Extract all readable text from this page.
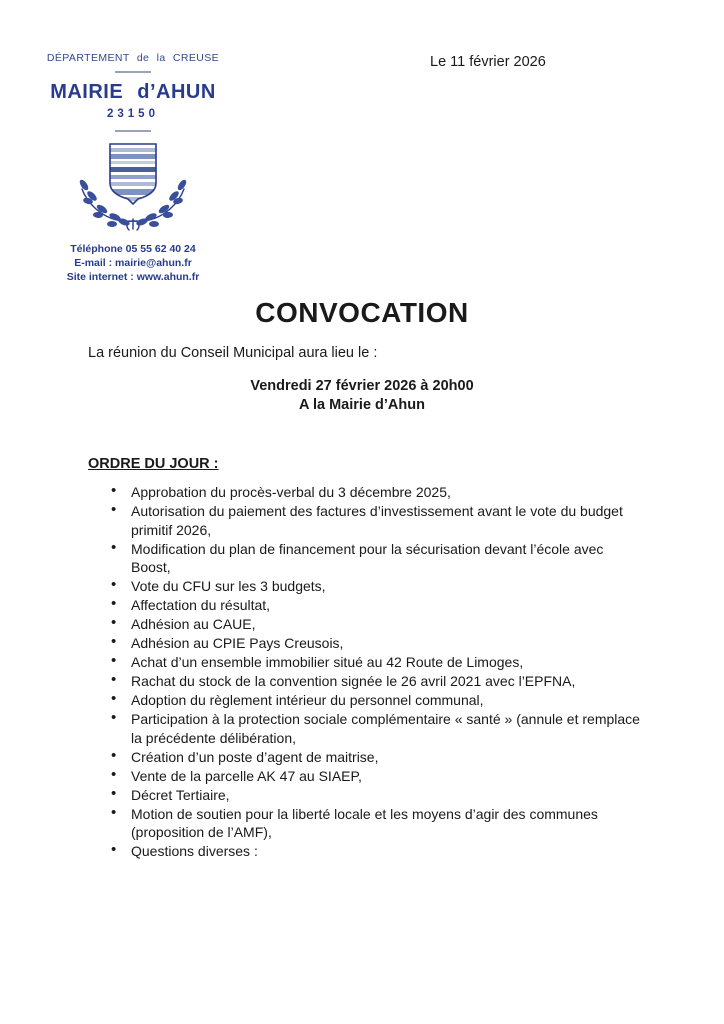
DÉPARTEMENT de la CREUSE
MAIRIE d’AHUN
23150
Téléphone 05 55 62 40 24
E-mail : mairie@ahun.fr
Site internet : www.ahun.fr
Le 11 février 2026
CONVOCATION
La réunion du Conseil Municipal aura lieu le :
Vendredi 27 février 2026 à 20h00
A la Mairie d’Ahun
ORDRE DU JOUR :
• Approbation du procès-verbal du 3 décembre 2025,
• Autorisation du paiement des factures d’investissement avant le vote du budget primitif 2026,
• Modification du plan de financement pour la sécurisation devant l’école avec Boost,
• Vote du CFU sur les 3 budgets,
• Affectation du résultat,
• Adhésion au CAUE,
• Adhésion au CPIE Pays Creusois,
• Achat d’un ensemble immobilier situé au 42 Route de Limoges,
• Rachat du stock de la convention signée le 26 avril 2021 avec l’EPFNA,
• Adoption du règlement intérieur du personnel communal,
• Participation à la protection sociale complémentaire « santé » (annule et remplace la précédente délibération,
• Création d’un poste d’agent de maitrise,
• Vente de la parcelle AK 47 au SIAEP,
• Décret Tertiaire,
• Motion de soutien pour la liberté locale et les moyens d’agir des communes (proposition de l’AMF),
• Questions diverses :
